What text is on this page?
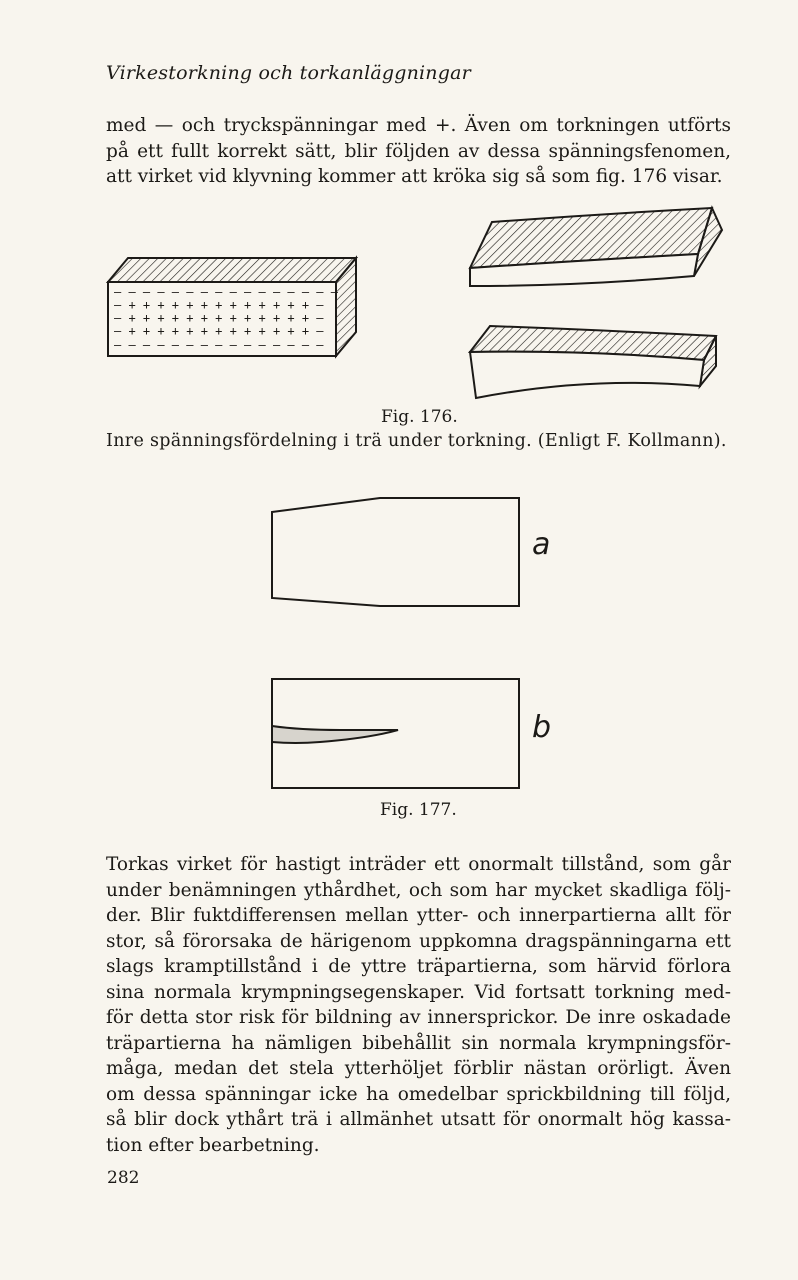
Virkestorkning och torkanläggningar
med — och tryckspänningar med +. Även om torkningen utförts
på ett fullt korrekt sätt, blir följden av dessa spänningsfenomen,
att virket vid klyvning kommer att kröka sig så som fig. 176 visar.
– – – – – – – – – – – – – – – –
– + + + + + + + + + + + + + –
– + + + + + + + + + + + + + –
– + + + + + + + + + + + + + –
– – – – – – – – – – – – – – –
Fig. 176.
Inre spänningsfördelning i trä under torkning. (Enligt F. Kollmann).
a
b
Fig. 177.
Torkas virket för hastigt inträder ett onormalt tillstånd, som går
under benämningen ythårdhet, och som har mycket skadliga följ-
der. Blir fuktdifferensen mellan ytter- och innerpartierna allt för
stor, så förorsaka de härigenom uppkomna dragspänningarna ett
slags kramptillstånd i de yttre träpartierna, som härvid förlora
sina normala krympningsegenskaper. Vid fortsatt torkning med-
för detta stor risk för bildning av innersprickor. De inre oskadade
träpartierna ha nämligen bibehållit sin normala krympningsför-
måga, medan det stela ytterhöljet förblir nästan orörligt. Även
om dessa spänningar icke ha omedelbar sprickbildning till följd,
så blir dock ythårt trä i allmänhet utsatt för onormalt hög kassa-
tion efter bearbetning.
282
